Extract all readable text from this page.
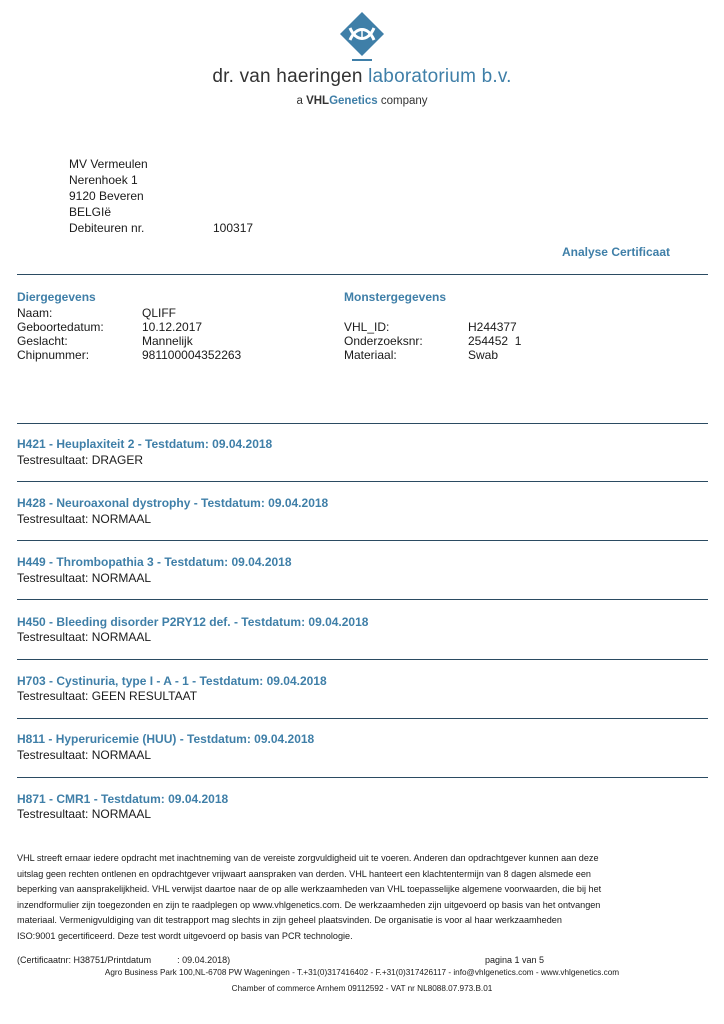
dr. van haeringen laboratorium b.v.
a VHLGenetics company
MV Vermeulen
Nerenhoek 1
9120 Beveren
BELGIë
Debiteuren nr.	100317
Analyse Certificaat
Diergegevens
Naam:	QLIFF
Geboortedatum:	10.12.2017
Geslacht:	Mannelijk
Chipnummer:	981100004352263
Monstergegevens
VHL_ID:	H244377
Onderzoeksnr:	254452  1
Materiaal:	Swab
H421 - Heuplaxiteit 2 - Testdatum: 09.04.2018
Testresultaat: DRAGER
H428 - Neuroaxonal dystrophy - Testdatum: 09.04.2018
Testresultaat: NORMAAL
H449 - Thrombopathia 3 - Testdatum: 09.04.2018
Testresultaat: NORMAAL
H450 - Bleeding disorder P2RY12 def. - Testdatum: 09.04.2018
Testresultaat: NORMAAL
H703 - Cystinuria, type I - A - 1 - Testdatum: 09.04.2018
Testresultaat: GEEN RESULTAAT
H811 - Hyperuricemie (HUU) - Testdatum: 09.04.2018
Testresultaat: NORMAAL
H871 - CMR1 - Testdatum: 09.04.2018
Testresultaat: NORMAAL
VHL streeft ernaar iedere opdracht met inachtneming van de vereiste zorgvuldigheid uit te voeren. Anderen dan opdrachtgever kunnen aan deze
uitslag geen rechten ontlenen en opdrachtgever vrijwaart aanspraken van derden. VHL hanteert een klachtentermijn van 8 dagen alsmede een
beperking van aansprakelijkheid. VHL verwijst daartoe naar de op alle werkzaamheden van VHL toepasselijke algemene voorwaarden, die bij het
inzendformulier zijn toegezonden en zijn te raadplegen op www.vhlgenetics.com. De werkzaamheden zijn uitgevoerd op basis van het ontvangen
materiaal. Vermenigvuldiging van dit testrapport mag slechts in zijn geheel plaatsvinden. De organisatie is voor al haar werkzaamheden
ISO:9001 gecertificeerd. Deze test wordt uitgevoerd op basis van PCR technologie.
(Certificaatnr: H38751/Printdatum	: 09.04.2018)	pagina 1 van 5
Agro Business Park 100,NL-6708 PW Wageningen - T.+31(0)317416402 - F.+31(0)317426117 - info@vhlgenetics.com - www.vhlgenetics.com
Chamber of commerce Arnhem 09112592 - VAT nr NL8088.07.973.B.01
